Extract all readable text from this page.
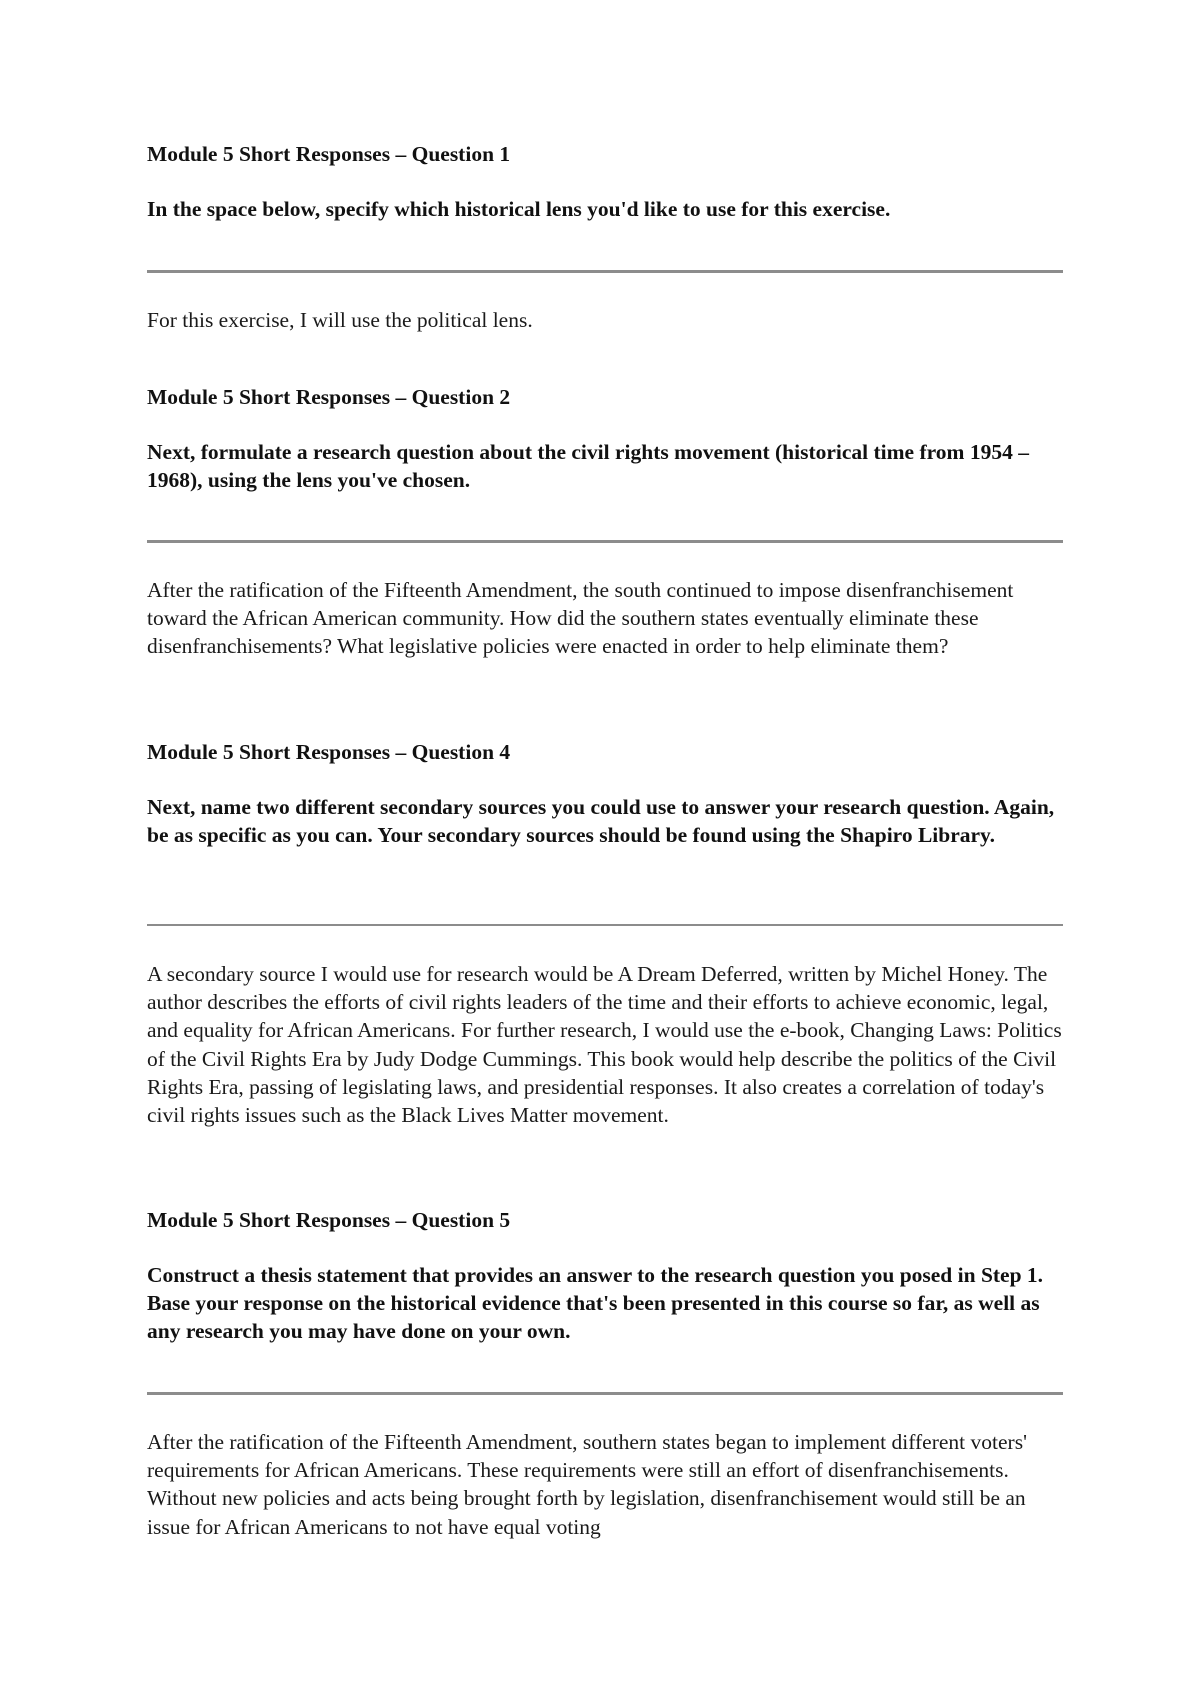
Module 5 Short Responses – Question 1

In the space below, specify which historical lens you'd like to use for this exercise.

For this exercise, I will use the political lens.

Module 5 Short Responses – Question 2

Next, formulate a research question about the civil rights movement (historical time from 1954 – 1968), using the lens you've chosen.

After the ratification of the Fifteenth Amendment, the south continued to impose disenfranchisement toward the African American community. How did the southern states eventually eliminate these disenfranchisements? What legislative policies were enacted in order to help eliminate them?

Module 5 Short Responses – Question 4

Next, name two different secondary sources you could use to answer your research question. Again, be as specific as you can. Your secondary sources should be found using the Shapiro Library.

A secondary source I would use for research would be A Dream Deferred, written by Michel Honey. The author describes the efforts of civil rights leaders of the time and their efforts to achieve economic, legal, and equality for African Americans. For further research, I would use the e-book, Changing Laws: Politics of the Civil Rights Era by Judy Dodge Cummings. This book would help describe the politics of the Civil Rights Era, passing of legislating laws, and presidential responses. It also creates a correlation of today's civil rights issues such as the Black Lives Matter movement.

Module 5 Short Responses – Question 5

Construct a thesis statement that provides an answer to the research question you posed in Step 1. Base your response on the historical evidence that's been presented in this course so far, as well as any research you may have done on your own.

After the ratification of the Fifteenth Amendment, southern states began to implement different voters' requirements for African Americans. These requirements were still an effort of disenfranchisements. Without new policies and acts being brought forth by legislation, disenfranchisement would still be an issue for African Americans to not have equal voting
